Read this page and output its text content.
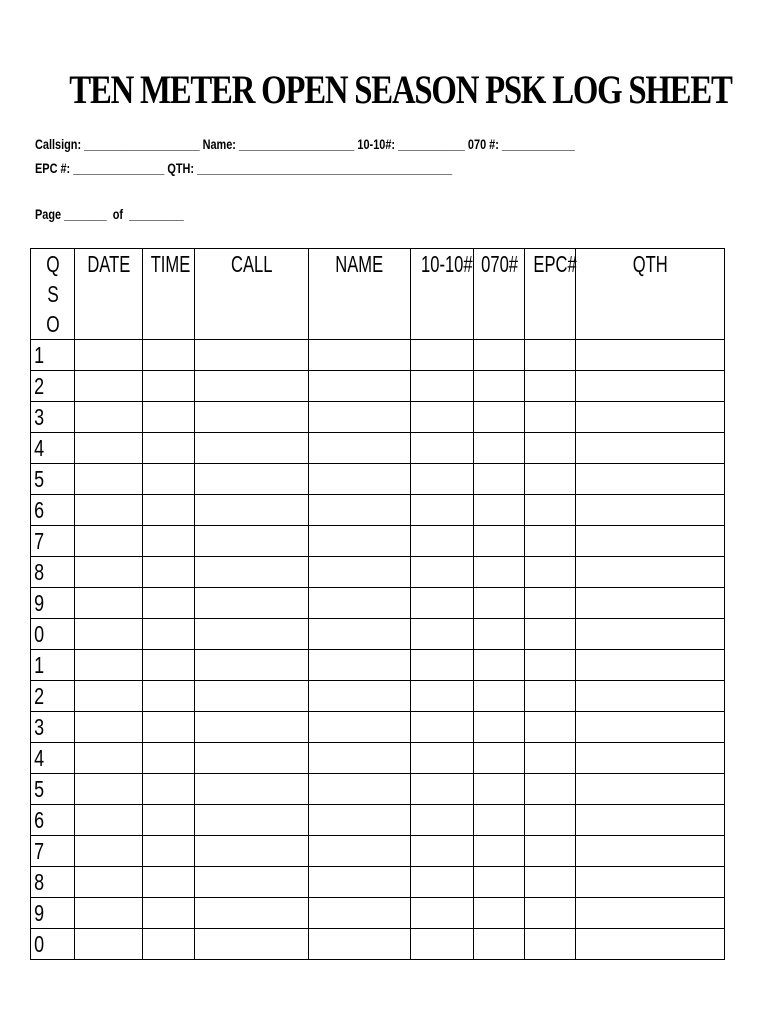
TEN METER OPEN SEASON PSK LOG SHEET
Callsign: ___________________ Name: ___________________ 10-10#: ___________ 070 #: ____________
EPC #: _______________ QTH: __________________________________________
Page _______  of  _________
QSO	DATE	TIME	CALL	NAME	10-10#	070#	EPC#	QTH
1								
2								
3								
4								
5								
6								
7								
8								
9								
0								
1								
2								
3								
4								
5								
6								
7								
8								
9								
0								
